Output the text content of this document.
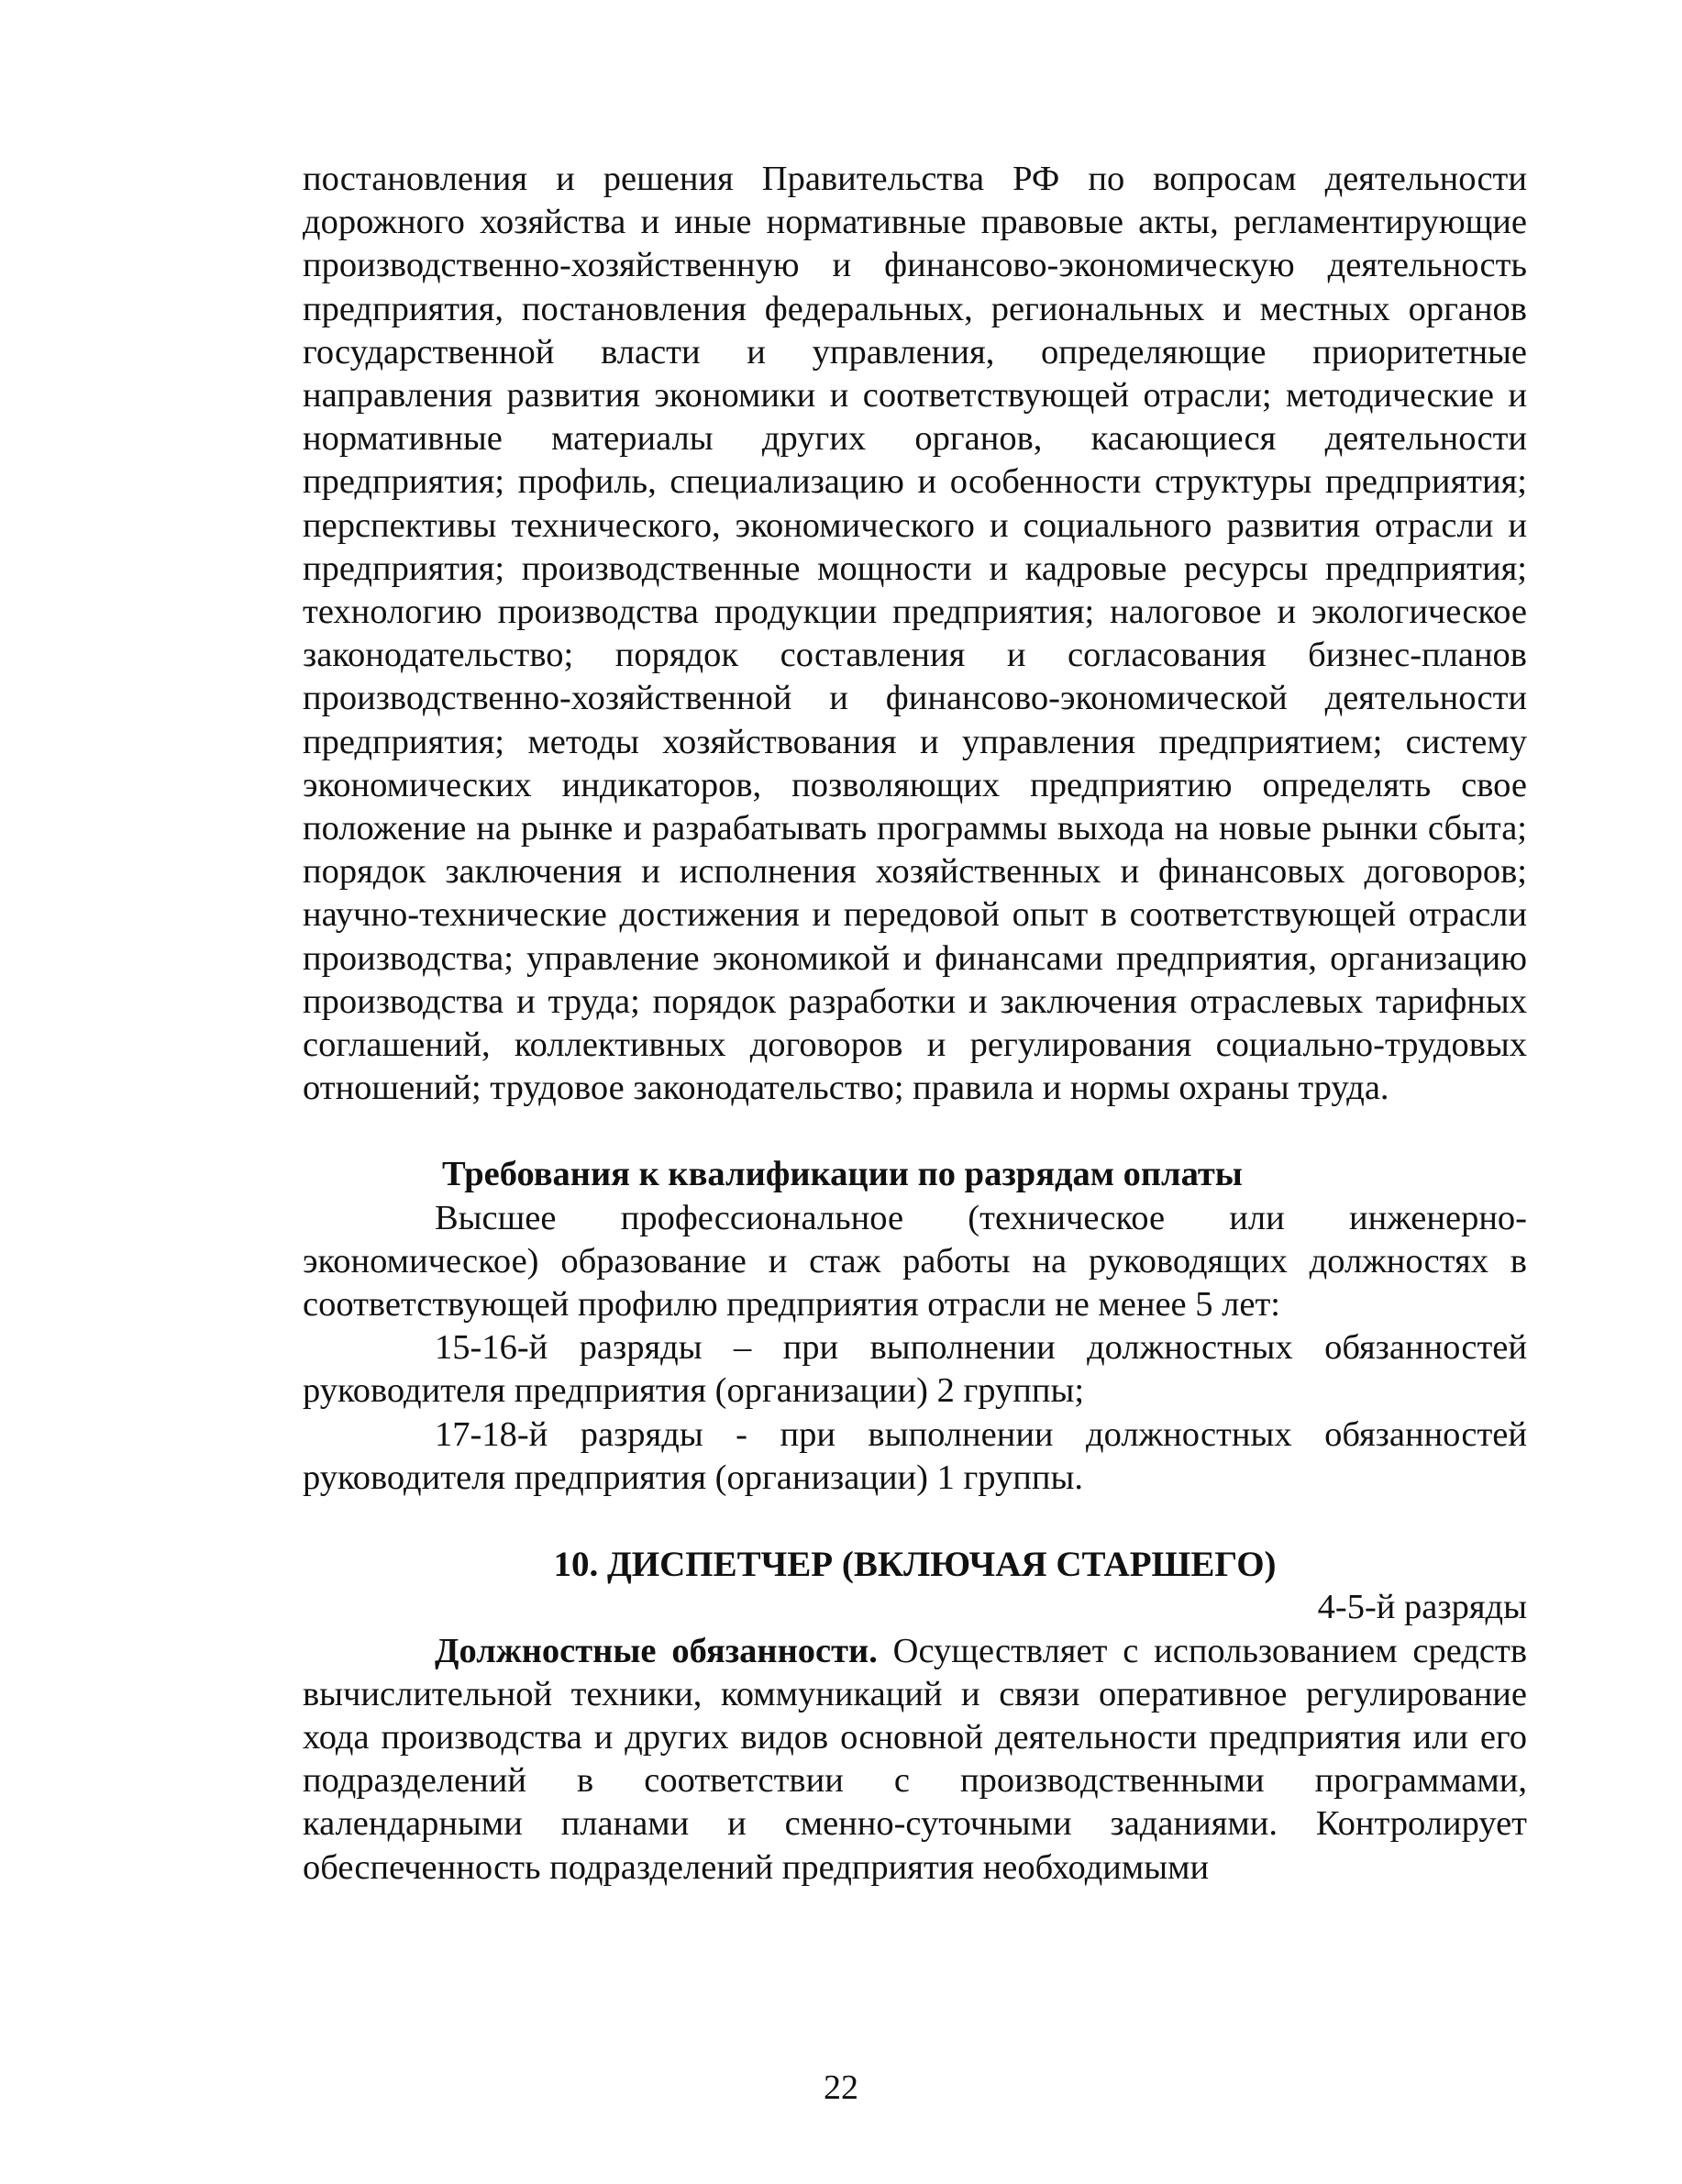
постановления и решения Правительства РФ по вопросам деятельности дорожного хозяйства и иные нормативные правовые акты, регламентирующие производственно-хозяйственную и финансово-экономическую деятельность предприятия, постановления федеральных, региональных и местных органов государственной власти и управления, определяющие приоритетные направления развития экономики и соответствующей отрасли; методические и нормативные материалы других органов, касающиеся деятельности предприятия; профиль, специализацию и особенности структуры предприятия; перспективы технического, экономического и социального развития отрасли и предприятия; производственные мощности и кадровые ресурсы предприятия; технологию производства продукции предприятия; налоговое и экологическое законодательство; порядок составления и согласования бизнес-планов производственно-хозяйственной и финансово-экономической деятельности предприятия; методы хозяйствования и управления предприятием; систему экономических индикаторов, позволяющих предприятию определять свое положение на рынке и разрабатывать программы выхода на новые рынки сбыта; порядок заключения и исполнения хозяйственных и финансовых договоров; научно-технические достижения и передовой опыт в соответствующей отрасли производства; управление экономикой и финансами предприятия, организацию производства и труда; порядок разработки и заключения отраслевых тарифных соглашений, коллективных договоров и регулирования социально-трудовых отношений; трудовое законодательство; правила и нормы охраны труда.

Требования к квалификации по разрядам оплаты

Высшее профессиональное (техническое или инженерно-экономическое) образование и стаж работы на руководящих должностях в соответствующей профилю предприятия отрасли не менее 5 лет:

15-16-й разряды – при выполнении должностных обязанностей руководителя предприятия (организации) 2 группы;

17-18-й разряды - при выполнении должностных обязанностей руководителя предприятия (организации) 1 группы.

10. ДИСПЕТЧЕР (ВКЛЮЧАЯ СТАРШЕГО)

4-5-й разряды

Должностные обязанности. Осуществляет с использованием средств вычислительной техники, коммуникаций и связи оперативное регулирование хода производства и других видов основной деятельности предприятия или его подразделений в соответствии с производственными программами, календарными планами и сменно-суточными заданиями. Контролирует обеспеченность подразделений предприятия необходимыми

22
